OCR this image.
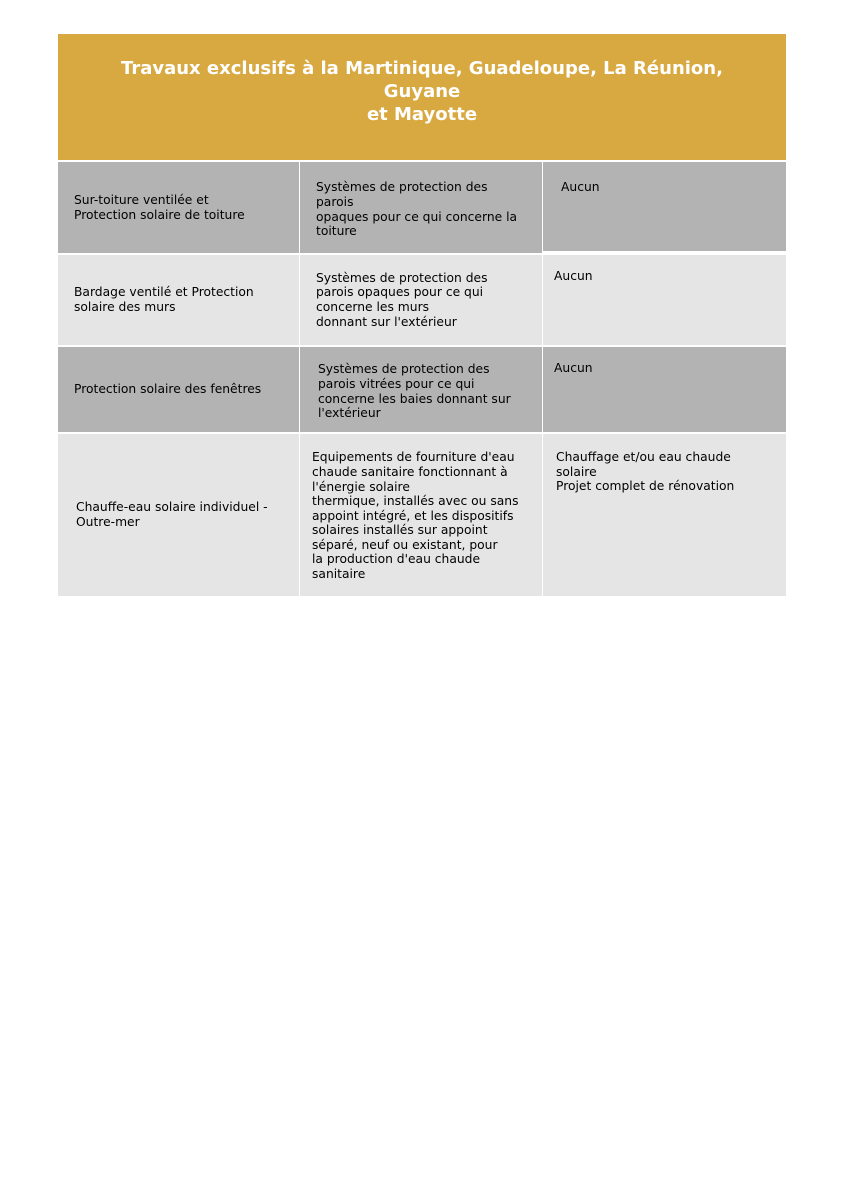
Travaux exclusifs à la Martinique, Guadeloupe, La Réunion, Guyane
et Mayotte
Sur-toiture ventilée et
Protection solaire de toiture
Systèmes de protection des
parois
opaques pour ce qui concerne la
toiture
Aucun
Bardage ventilé et Protection
solaire des murs
Systèmes de protection des
parois opaques pour ce qui
concerne les murs
donnant sur l'extérieur
Aucun
Protection solaire des fenêtres
Systèmes de protection des
parois vitrées pour ce qui
concerne les baies donnant sur
l'extérieur
Aucun
Chauffe-eau solaire individuel -
Outre-mer
Equipements de fourniture d'eau
chaude sanitaire fonctionnant à
l'énergie solaire
thermique, installés avec ou sans
appoint intégré, et les dispositifs
solaires installés sur appoint
séparé, neuf ou existant, pour
la production d'eau chaude
sanitaire
Chauffage et/ou eau chaude
solaire
Projet complet de rénovation
